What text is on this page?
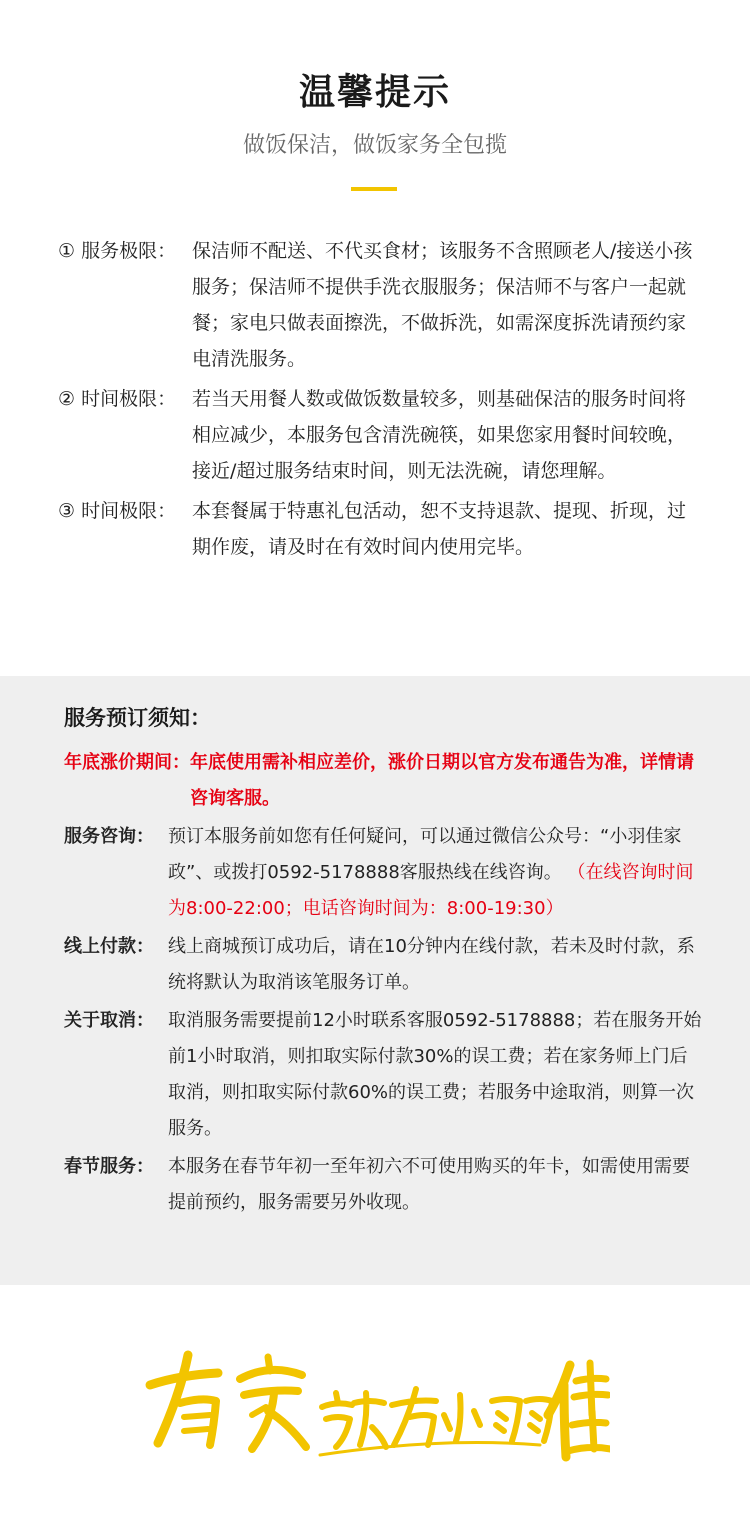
温馨提示
做饭保洁，做饭家务全包揽
① 服务极限： 保洁师不配送、不代买食材；该服务不含照顾老人/接送小孩服务；保洁师不提供手洗衣服服务；保洁师不与客户一起就餐；家电只做表面擦洗，不做拆洗，如需深度拆洗请预约家电清洗服务。
② 时间极限： 若当天用餐人数或做饭数量较多，则基础保洁的服务时间将相应减少，本服务包含清洗碗筷，如果您家用餐时间较晚，接近/超过服务结束时间，则无法洗碗，请您理解。
③ 时间极限： 本套餐属于特惠礼包活动，恕不支持退款、提现、折现，过期作废，请及时在有效时间内使用完毕。
服务预订须知：
年底涨价期间： 年底使用需补相应差价，涨价日期以官方发布通告为准，详情请咨询客服。
服务咨询： 预订本服务前如您有任何疑问，可以通过微信公众号：“小羽佳家政”、或拨打0592-5178888客服热线在线咨询。 （在线咨询时间为8:00-22:00；电话咨询时间为：8:00-19:30）
线上付款： 线上商城预订成功后，请在10分钟内在线付款，若未及时付款，系统将默认为取消该笔服务订单。
关于取消： 取消服务需要提前12小时联系客服0592-5178888；若在服务开始前1小时取消，则扣取实际付款30%的误工费；若在家务师上门后取消，则扣取实际付款60%的误工费；若服务中途取消，则算一次服务。
春节服务： 本服务在春节年初一至年初六不可使用购买的年卡，如需使用需要提前预约，服务需要另外收现。
